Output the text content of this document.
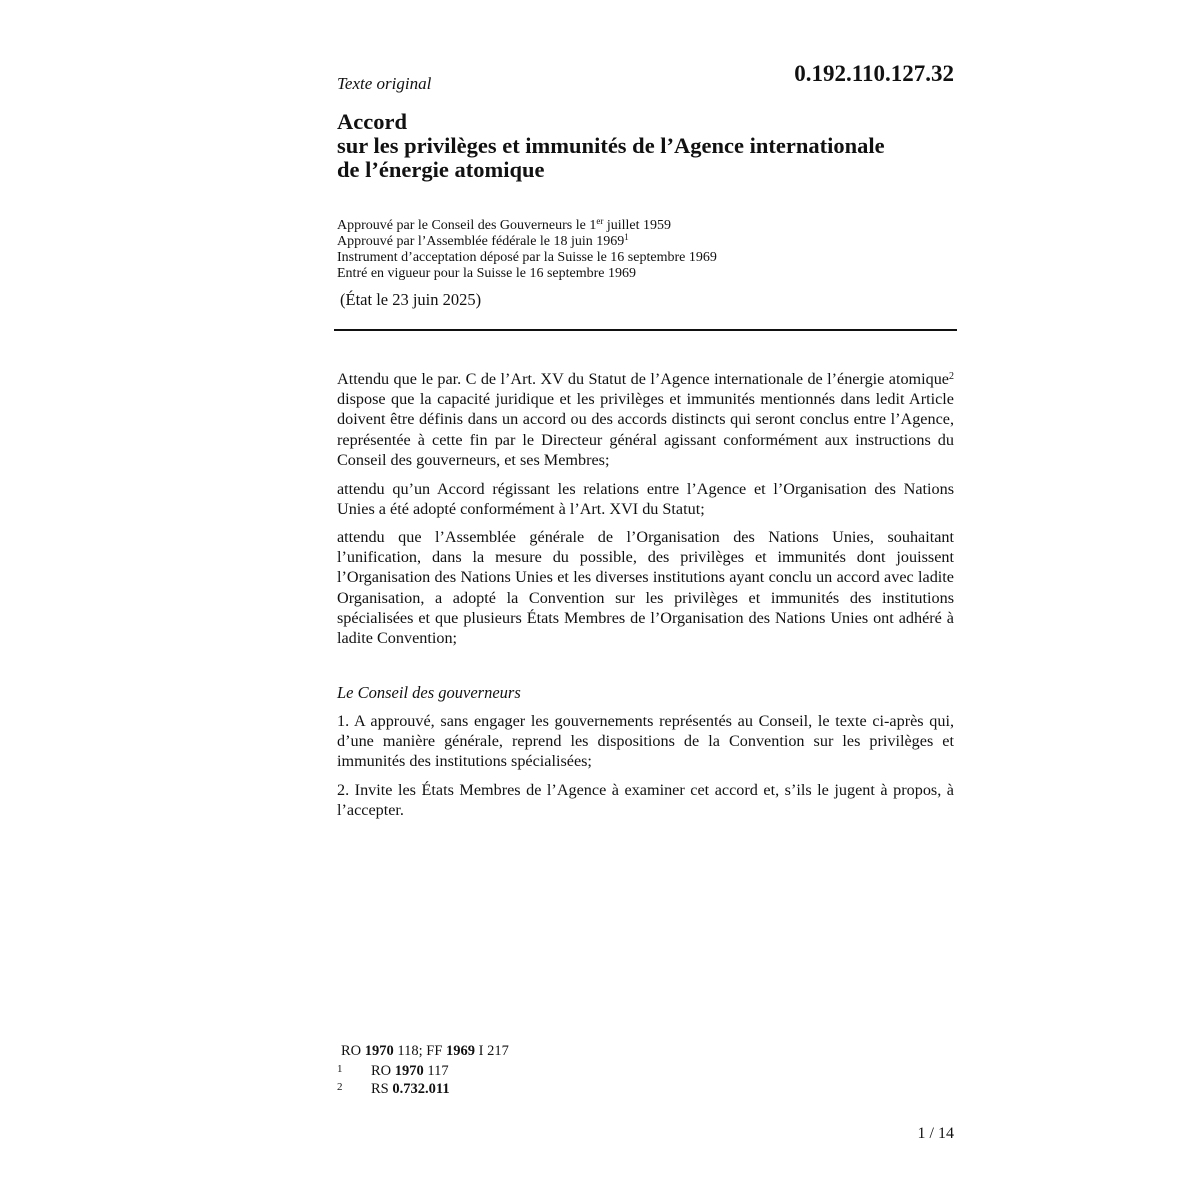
Texte original	0.192.110.127.32
Accord
sur les privilèges et immunités de l’Agence internationale
de l’énergie atomique
Approuvé par le Conseil des Gouverneurs le 1er juillet 1959
Approuvé par l’Assemblée fédérale le 18 juin 1969$^1$
Instrument d’acceptation déposé par la Suisse le 16 septembre 1969
Entré en vigueur pour la Suisse le 16 septembre 1969
(État le 23 juin 2025)
Attendu que le par. C de l’Art. XV du Statut de l’Agence internationale de l’énergie atomique$^2$ dispose que la capacité juridique et les privilèges et immunités mentionnés dans ledit Article doivent être définis dans un accord ou des accords distincts qui seront conclus entre l’Agence, représentée à cette fin par le Directeur général agissant conformément aux instructions du Conseil des gouverneurs, et ses Membres;
attendu qu’un Accord régissant les relations entre l’Agence et l’Organisation des Nations Unies a été adopté conformément à l’Art. XVI du Statut;
attendu que l’Assemblée générale de l’Organisation des Nations Unies, souhaitant l’unification, dans la mesure du possible, des privilèges et immunités dont jouissent l’Organisation des Nations Unies et les diverses institutions ayant conclu un accord avec ladite Organisation, a adopté la Convention sur les privilèges et immunités des institutions spécialisées et que plusieurs États Membres de l’Organisation des Nations Unies ont adhéré à ladite Convention;
Le Conseil des gouverneurs
1. A approuvé, sans engager les gouvernements représentés au Conseil, le texte ci-après qui, d’une manière générale, reprend les dispositions de la Convention sur les privilèges et immunités des institutions spécialisées;
2. Invite les États Membres de l’Agence à examiner cet accord et, s’ils le jugent à propos, à l’accepter.
RO 1970 118; FF 1969 I 217
1 RO 1970 117
2 RS 0.732.011
1 / 14
